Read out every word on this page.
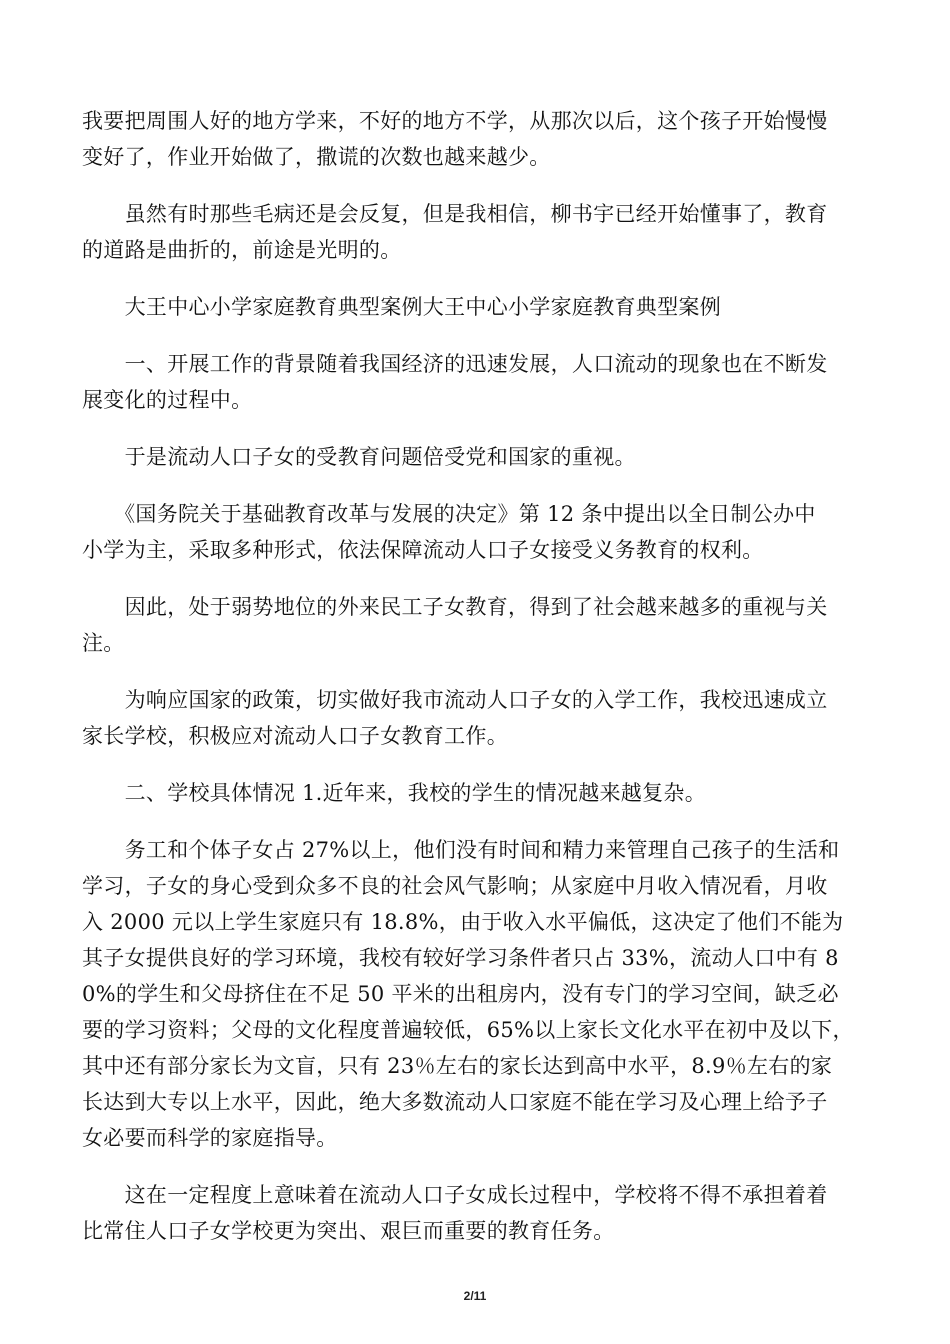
我要把周围人好的地方学来，不好的地方不学，从那次以后，这个孩子开始慢慢
变好了，作业开始做了，撒谎的次数也越来越少。

　　虽然有时那些毛病还是会反复，但是我相信，柳书宇已经开始懂事了，教育
的道路是曲折的，前途是光明的。

　　大王中心小学家庭教育典型案例大王中心小学家庭教育典型案例

　　一、开展工作的背景随着我国经济的迅速发展，人口流动的现象也在不断发
展变化的过程中。

　　于是流动人口子女的受教育问题倍受党和国家的重视。

　　《国务院关于基础教育改革与发展的决定》第 12 条中提出以全日制公办中
小学为主，采取多种形式，依法保障流动人口子女接受义务教育的权利。

　　因此，处于弱势地位的外来民工子女教育，得到了社会越来越多的重视与关
注。

　　为响应国家的政策，切实做好我市流动人口子女的入学工作，我校迅速成立
家长学校，积极应对流动人口子女教育工作。

　　二、学校具体情况 1.近年来，我校的学生的情况越来越复杂。

　　务工和个体子女占 27%以上，他们没有时间和精力来管理自己孩子的生活和
学习，子女的身心受到众多不良的社会风气影响；从家庭中月收入情况看，月收
入 2000 元以上学生家庭只有 18.8%，由于收入水平偏低，这决定了他们不能为
其子女提供良好的学习环境，我校有较好学习条件者只占 33%，流动人口中有 8
0%的学生和父母挤住在不足 50 平米的出租房内，没有专门的学习空间，缺乏必
要的学习资料；父母的文化程度普遍较低，65%以上家长文化水平在初中及以下，
其中还有部分家长为文盲，只有 23％左右的家长达到高中水平，8.9％左右的家
长达到大专以上水平，因此，绝大多数流动人口家庭不能在学习及心理上给予子
女必要而科学的家庭指导。

　　这在一定程度上意味着在流动人口子女成长过程中，学校将不得不承担着着
比常住人口子女学校更为突出、艰巨而重要的教育任务。

2/11
